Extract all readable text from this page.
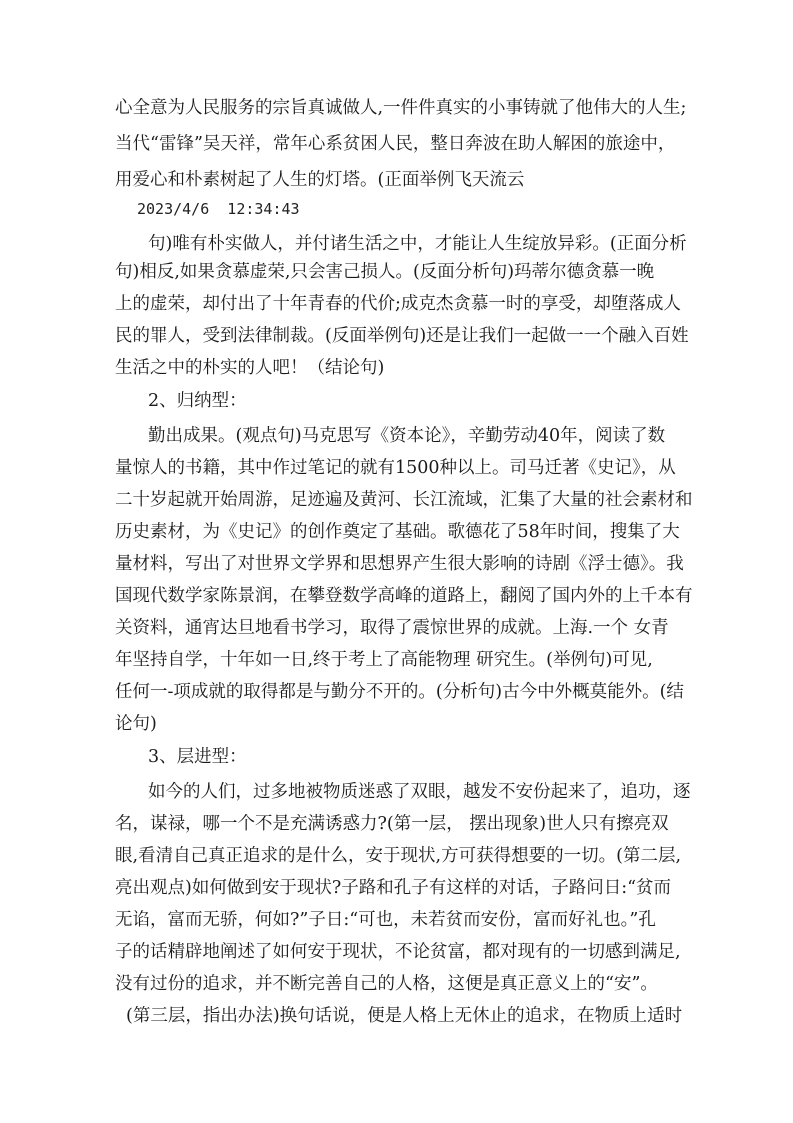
心全意为人民服务的宗旨真诚做人,一件件真实的小事铸就了他伟大的人生;
当代“雷锋”吴天祥，常年心系贫困人民，整日奔波在助人解困的旅途中，
用爱心和朴素树起了人生的灯塔。(正面举例飞天流云
2023/4/6  12:34:43
句)唯有朴实做人，并付诸生活之中，才能让人生绽放异彩。(正面分析
句)相反,如果贪慕虚荣,只会害己损人。(反面分析句)玛蒂尔德贪慕一晚
上的虚荣，却付出了十年青春的代价;成克杰贪慕一时的享受，却堕落成人
民的罪人，受到法律制裁。(反面举例句)还是让我们一起做一一个融入百姓
生活之中的朴实的人吧！（结论句)
2、归纳型：
勤出成果。(观点句)马克思写《资本论》，辛勤劳动40年，阅读了数
量惊人的书籍，其中作过笔记的就有1500种以上。司马迁著《史记》，从
二十岁起就开始周游，足迹遍及黄河、长江流域，汇集了大量的社会素材和
历史素材，为《史记》的创作奠定了基础。歌德花了58年时间，搜集了大
量材料，写出了对世界文学界和思想界产生很大影响的诗剧《浮士德》。我
国现代数学家陈景润，在攀登数学高峰的道路上，翻阅了国内外的上千本有
关资料，通宵达旦地看书学习，取得了震惊世界的成就。上海.一个 女青
年坚持自学，十年如一日,终于考上了高能物理 研究生。(举例句)可见,
任何一-项成就的取得都是与勤分不开的。(分析句)古今中外概莫能外。(结
论句)
3、层进型：
如今的人们，过多地被物质迷惑了双眼，越发不安份起来了，追功，逐
名，谋禄，哪一个不是充满诱惑力?(第一层， 摆出现象)世人只有擦亮双
眼,看清自己真正追求的是什么，安于现状,方可获得想要的一切。(第二层,
亮出观点)如何做到安于现状?子路和孔子有这样的对话，子路问日:“贫而
无谄，富而无骄，何如?”子日:“可也，未若贫而安份，富而好礼也。”孔
子的话精辟地阐述了如何安于现状，不论贫富，都对现有的一切感到满足,
没有过份的追求，并不断完善自己的人格，这便是真正意义上的“安”。
(第三层，指出办法)换句话说，便是人格上无休止的追求，在物质上适时
